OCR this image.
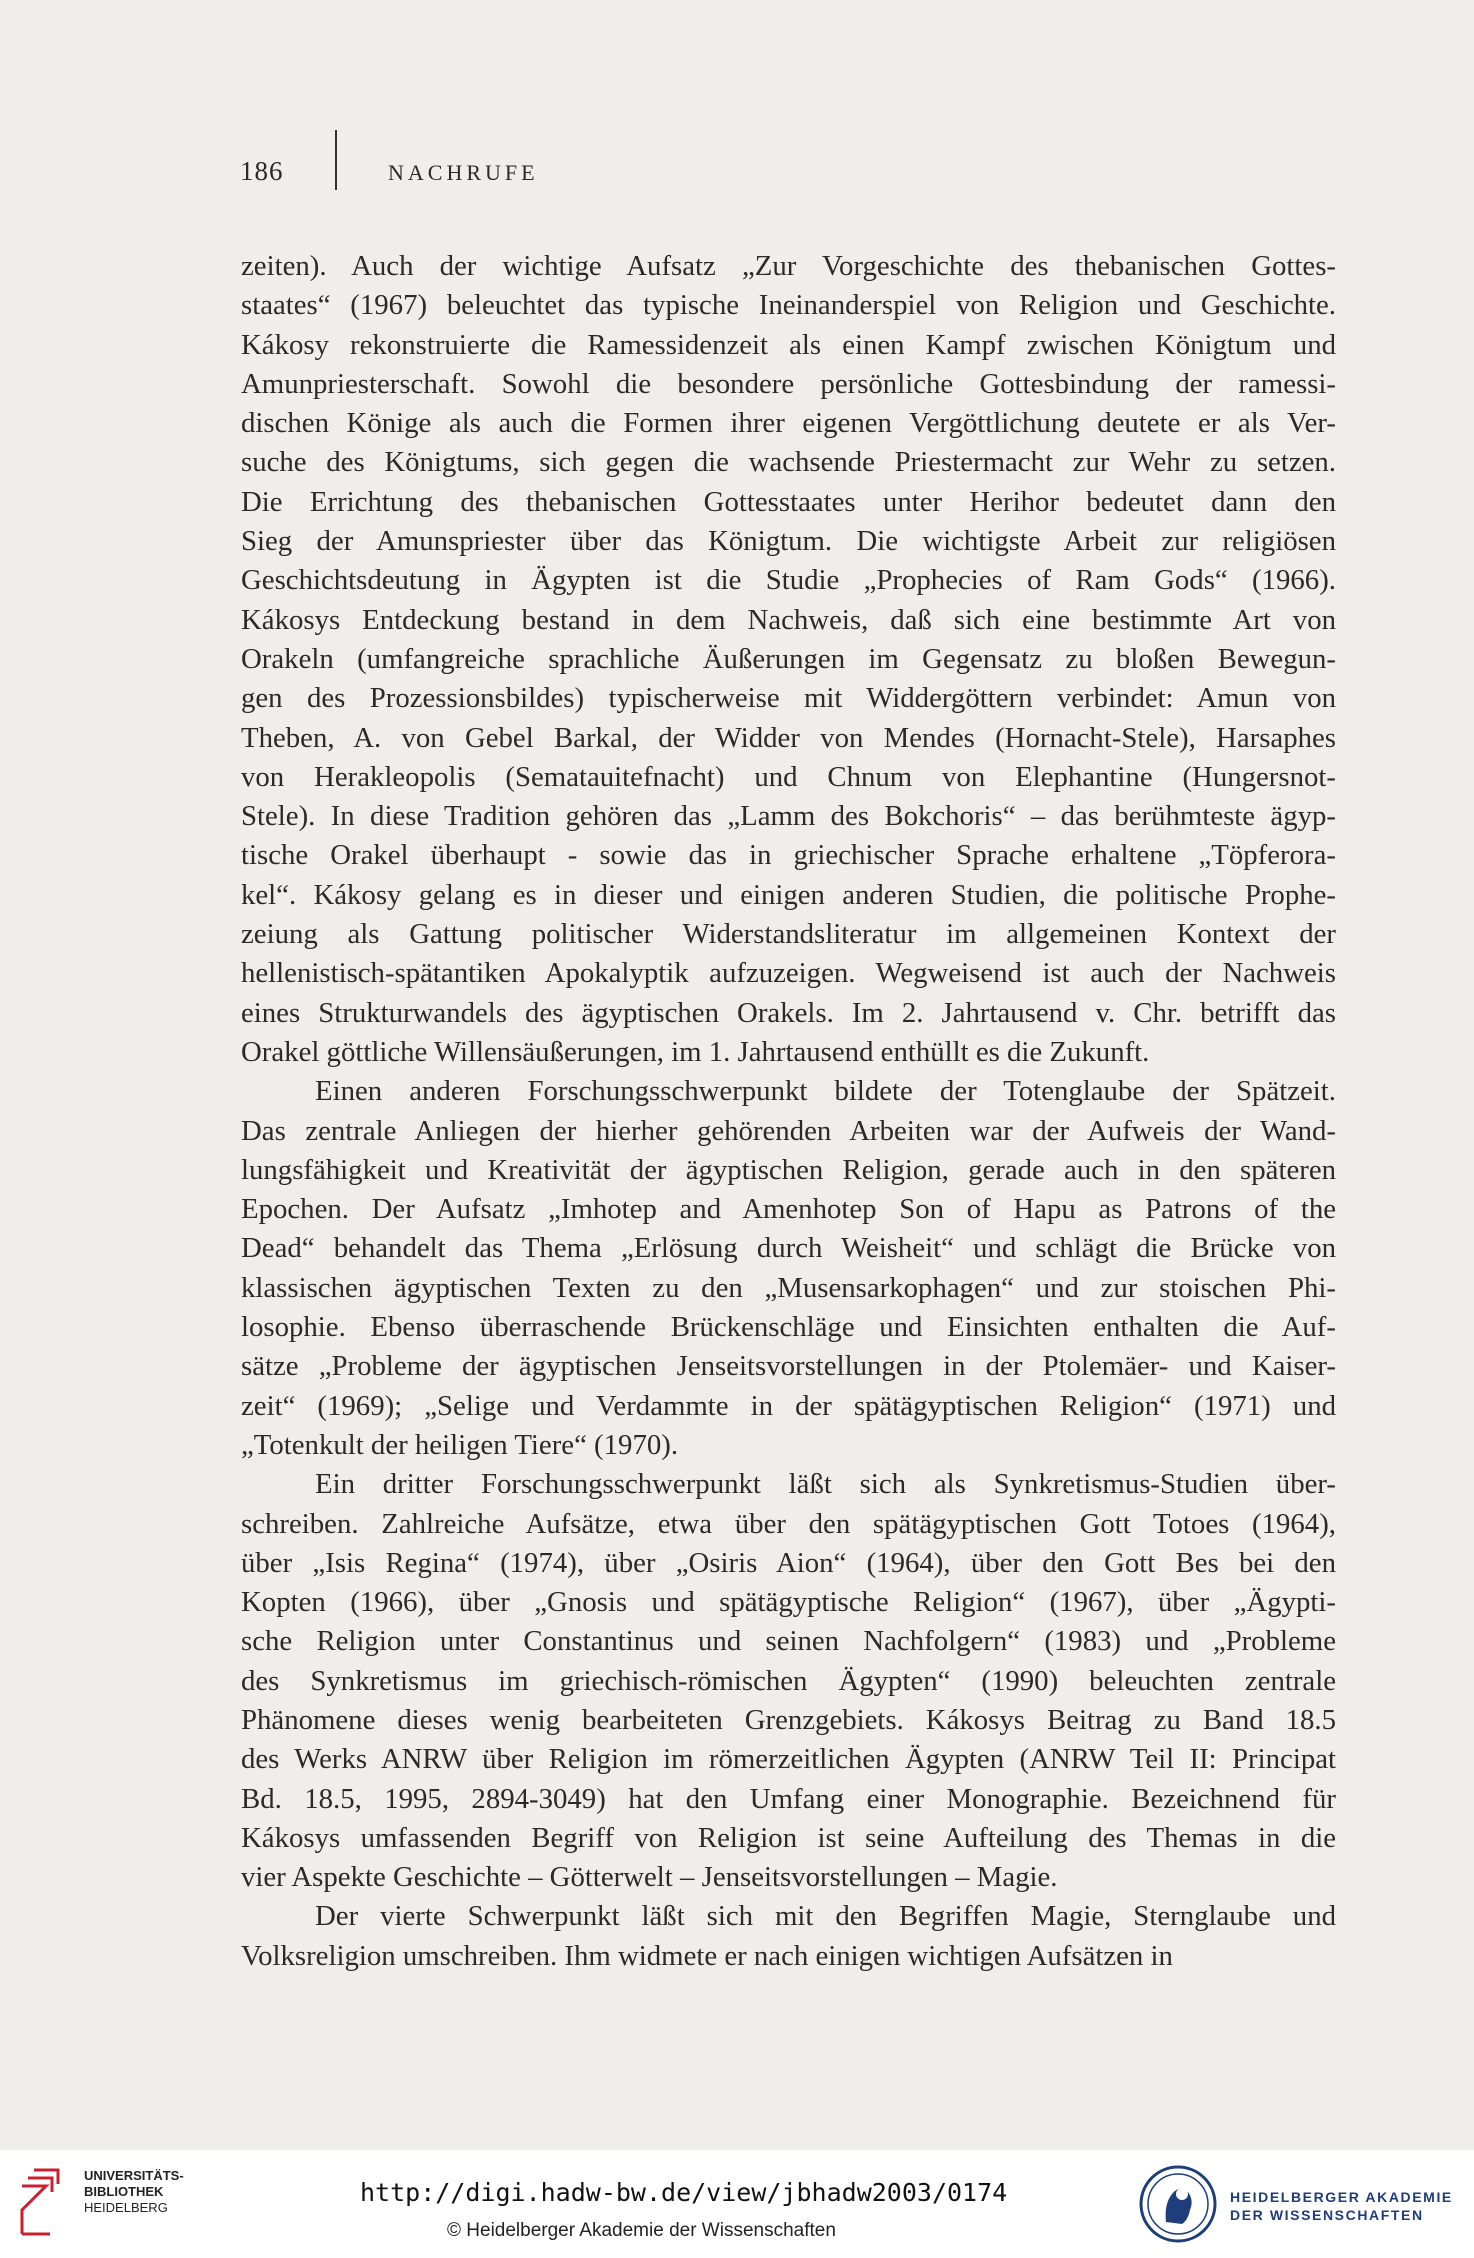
186	NACHRUFE
zeiten). Auch der wichtige Aufsatz „Zur Vorgeschichte des thebanischen Gottes-
staates“ (1967) beleuchtet das typische Ineinanderspiel von Religion und Geschichte.
Kákosy rekonstruierte die Ramessidenzeit als einen Kampf zwischen Königtum und
Amunpriesterschaft. Sowohl die besondere persönliche Gottesbindung der ramessi-
dischen Könige als auch die Formen ihrer eigenen Vergöttlichung deutete er als Ver-
suche des Königtums, sich gegen die wachsende Priestermacht zur Wehr zu setzen.
Die Errichtung des thebanischen Gottesstaates unter Herihor bedeutet dann den
Sieg der Amunspriester über das Königtum. Die wichtigste Arbeit zur religiösen
Geschichtsdeutung in Ägypten ist die Studie „Prophecies of Ram Gods“ (1966).
Kákosys Entdeckung bestand in dem Nachweis, daß sich eine bestimmte Art von
Orakeln (umfangreiche sprachliche Äußerungen im Gegensatz zu bloßen Bewegun-
gen des Prozessionsbildes) typischerweise mit Widdergöttern verbindet: Amun von
Theben, A. von Gebel Barkal, der Widder von Mendes (Hornacht-Stele), Harsaphes
von Herakleopolis (Sematauitefnacht) und Chnum von Elephantine (Hungersnot-
Stele). In diese Tradition gehören das „Lamm des Bokchoris“ – das berühmteste ägyp-
tische Orakel überhaupt - sowie das in griechischer Sprache erhaltene „Töpferora-
kel“. Kákosy gelang es in dieser und einigen anderen Studien, die politische Prophe-
zeiung als Gattung politischer Widerstandsliteratur im allgemeinen Kontext der
hellenistisch-spätantiken Apokalyptik aufzuzeigen. Wegweisend ist auch der Nachweis
eines Strukturwandels des ägyptischen Orakels. Im 2. Jahrtausend v. Chr. betrifft das
Orakel göttliche Willensäußerungen, im 1. Jahrtausend enthüllt es die Zukunft.
Einen anderen Forschungsschwerpunkt bildete der Totenglaube der Spätzeit.
Das zentrale Anliegen der hierher gehörenden Arbeiten war der Aufweis der Wand-
lungsfähigkeit und Kreativität der ägyptischen Religion, gerade auch in den späteren
Epochen. Der Aufsatz „Imhotep and Amenhotep Son of Hapu as Patrons of the
Dead“ behandelt das Thema „Erlösung durch Weisheit“ und schlägt die Brücke von
klassischen ägyptischen Texten zu den „Musensarkophagen“ und zur stoischen Phi-
losophie. Ebenso überraschende Brückenschläge und Einsichten enthalten die Auf-
sätze „Probleme der ägyptischen Jenseitsvorstellungen in der Ptolemäer- und Kaiser-
zeit“ (1969); „Selige und Verdammte in der spätägyptischen Religion“ (1971) und
„Totenkult der heiligen Tiere“ (1970).
Ein dritter Forschungsschwerpunkt läßt sich als Synkretismus-Studien über-
schreiben. Zahlreiche Aufsätze, etwa über den spätägyptischen Gott Totoes (1964),
über „Isis Regina“ (1974), über „Osiris Aion“ (1964), über den Gott Bes bei den
Kopten (1966), über „Gnosis und spätägyptische Religion“ (1967), über „Ägypti-
sche Religion unter Constantinus und seinen Nachfolgern“ (1983) und „Probleme
des Synkretismus im griechisch-römischen Ägypten“ (1990) beleuchten zentrale
Phänomene dieses wenig bearbeiteten Grenzgebiets. Kákosys Beitrag zu Band 18.5
des Werks ANRW über Religion im römerzeitlichen Ägypten (ANRW Teil II: Principat
Bd. 18.5, 1995, 2894-3049) hat den Umfang einer Monographie. Bezeichnend für
Kákosys umfassenden Begriff von Religion ist seine Aufteilung des Themas in die
vier Aspekte Geschichte – Götterwelt – Jenseitsvorstellungen – Magie.
Der vierte Schwerpunkt läßt sich mit den Begriffen Magie, Sternglaube und
Volksreligion umschreiben. Ihm widmete er nach einigen wichtigen Aufsätzen in
UNIVERSITÄTS-
BIBLIOTHEK
HEIDELBERG
http://digi.hadw-bw.de/view/jbhadw2003/0174
© Heidelberger Akademie der Wissenschaften
HEIDELBERGER AKADEMIE
DER WISSENSCHAFTEN
